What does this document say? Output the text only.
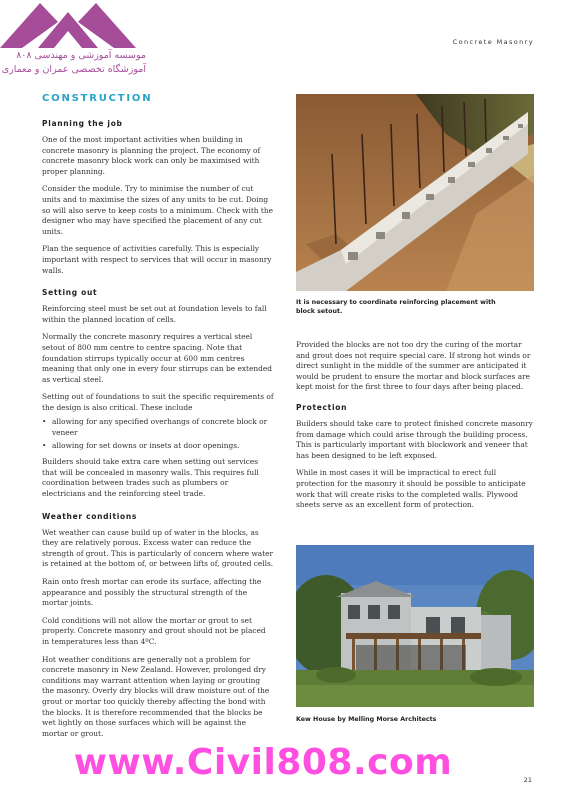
موسسه آموزشی و مهندسی ۸۰۸
آموزشگاه تخصصی عمران و معماری
Concrete Masonry
CONSTRUCTION
Planning the job

One of the most important activities when building in concrete masonry is planning the project. The economy of concrete masonry block work can only be maximised with proper planning.

Consider the module. Try to minimise the number of cut units and to maximise the sizes of any units to be cut. Doing so will also serve to keep costs to a minimum. Check with the designer who may have specified the placement of any cut units.

Plan the sequence of activities carefully. This is especially important with respect to services that will occur in masonry walls.

Setting out

Reinforcing steel must be set out at foundation levels to fall within the planned location of cells.

Normally the concrete masonry requires a vertical steel setout of 800 mm centre to centre spacing. Note that foundation stirrups typically occur at 600 mm centres meaning that only one in every four stirrups can be extended as vertical steel.

Setting out of foundations to suit the specific requirements of the design is also critical. These include

• allowing for any specified overhangs of concrete block or veneer
• allowing for set downs or insets at door openings.

Builders should take extra care when setting out services that will be concealed in masonry walls. This requires full coordination between trades such as plumbers or electricians and the reinforcing steel trade.

Weather conditions

Wet weather can cause build up of water in the blocks, as they are relatively porous. Excess water can reduce the strength of grout. This is particularly of concern where water is retained at the bottom of, or between lifts of, grouted cells.

Rain onto fresh mortar can erode its surface, affecting the appearance and possibly the structural strength of the mortar joints.

Cold conditions will not allow the mortar or grout to set properly. Concrete masonry and grout should not be placed in temperatures less than 4ºC.

Hot weather conditions are generally not a problem for concrete masonry in New Zealand. However, prolonged dry conditions may warrant attention when laying or grouting the masonry. Overly dry blocks will draw moisture out of the grout or mortar too quickly thereby affecting the bond with the blocks. It is therefore recommended that the blocks be wet lightly on those surfaces which will be against the mortar or grout.

It is necessary to coordinate reinforcing placement with block setout.

Provided the blocks are not too dry the curing of the mortar and grout does not require special care. If strong hot winds or direct sunlight in the middle of the summer are anticipated it would be prudent to ensure the mortar and block surfaces are kept moist for the first three to four days after being placed.

Protection

Builders should take care to protect finished concrete masonry from damage which could arise through the building process. This is particularly important with blockwork and veneer that has been designed to be left exposed.

While in most cases it will be impractical to erect full protection for the masonry it should be possible to anticipate work that will create risks to the completed walls. Plywood sheets serve as an excellent form of protection.

Kew House by Melling Morse Architects
www.Civil808.com	21
